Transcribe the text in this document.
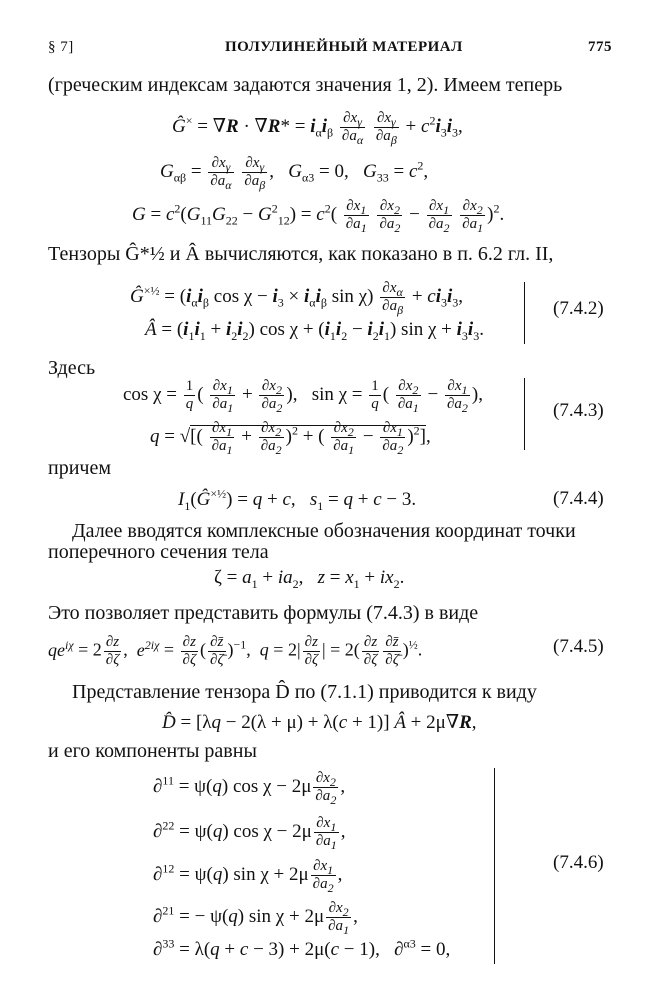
§ 7]	ПОЛУЛИНЕЙНЫЙ МАТЕРИАЛ	775
(греческим индексам задаются значения 1, 2). Имеем теперь
Ĝ× = $\nabla R \cdot \nabla R* = i_\alpha i_\beta \frac{\partial x_\gamma}{\partial a_\alpha}$
$\frac{\partial x_\gamma}{\partial a_\beta} + c^2i_3i_3$,
$G_{\alpha\beta} = \frac{\partial x_\gamma}{\partial a_\alpha}$
$\frac{\partial x_\gamma}{\partial a_\beta}$ ,   $G_{\alpha 3} = 0$,   $G_{33} = c^2$,
$G = c^2(G_{11}G_{22} - G^2_{12}) = c^2( \frac{\partial x_1}{\partial a_1}$
$\frac{\partial x_2}{\partial a_2} - \frac{\partial x_1}{\partial a_2}$
$\frac{\partial x_2}{\partial a_1} )^2$.
Тензоры Ĝ*½ и Â вычисляются, как показано в п. 6.2 гл. II,
$Ĝ^{\times\frac{1}{2}} = (i_\alpha i_\beta$ $\cos \chi - i_3 \times i_\alpha i_\beta$ $\sin \chi) \frac{\partial x_\alpha}{\partial a_\beta} + ci_3i_3$,
Â = $(i_1i_1 + i_2i_2)$ $\cos \chi + (i_1i_2 - i_2i_1)$ $\sin \chi + i_3i_3$.
(7.4.2)
Здесь
$\cos \chi = \frac{1}{q}$ ( $\frac{\partial x_1}{\partial a_1} + \frac{\partial x_2}{\partial a_2}$ ),   $\sin \chi = \frac{1}{q}$ ( $\frac{\partial x_2}{\partial a_1} - \frac{\partial x_1}{\partial a_2}$ ),
q = √[( $\frac{\partial x_1}{\partial a_1} + \frac{\partial x_2}{\partial a_2} )^2$ + ( $\frac{\partial x_2}{\partial a_1} - \frac{\partial x_1}{\partial a_2} )^2$],
(7.4.3)
причем
$I_1(Ĝ^{\times\frac{1}{2}}) = q + c$,   $s_1 = q + c - 3$.	(7.4.4)
Далее вводятся комплексные обозначения координат точки
поперечного сечения тела
$\zeta = a_1 + ia_2$,   $z = x_1 + ix_2$.
Это позволяет представить формулы (7.4.3) в виде
$qe^{i\chi} = 2 \frac{\partial z}{\partial\zeta}$ ,  $e^{2i\chi} = \frac{\partial z}{\partial\zeta}$ ( $\frac{\partial z̄}{\partial\zetā} )^{-1}$,  $q = 2| \frac{\partial z}{\partial\zeta}$ | = $2( \frac{\partial z}{\partial\zeta} \frac{\partial z̄}{\partial\zetā} )^{\frac{1}{2}}$.	(7.4.5)
Представление тензора D̂ по (7.1.1) приводится к виду
D̂ = [λq − 2(λ + μ) + λ(c + 1)] Â + 2μ∇R,
и его компоненты равны
∂$^{11}$ = ψ(q) $\cos \chi - 2\mu \frac{\partial x_2}{\partial a_2}$ ,
∂$^{22}$ = ψ(q) $\cos \chi - 2\mu \frac{\partial x_1}{\partial a_1}$ ,
∂$^{12}$ = ψ(q) $\sin \chi + 2\mu \frac{\partial x_1}{\partial a_2}$ ,
∂$^{21}$ = − ψ(q) $\sin \chi + 2\mu \frac{\partial x_2}{\partial a_1}$ ,
∂$^{33}$ = λ(q + c − 3) + 2μ(c − 1),   ∂$^{\alpha 3}$ = 0,
(7.4.6)
